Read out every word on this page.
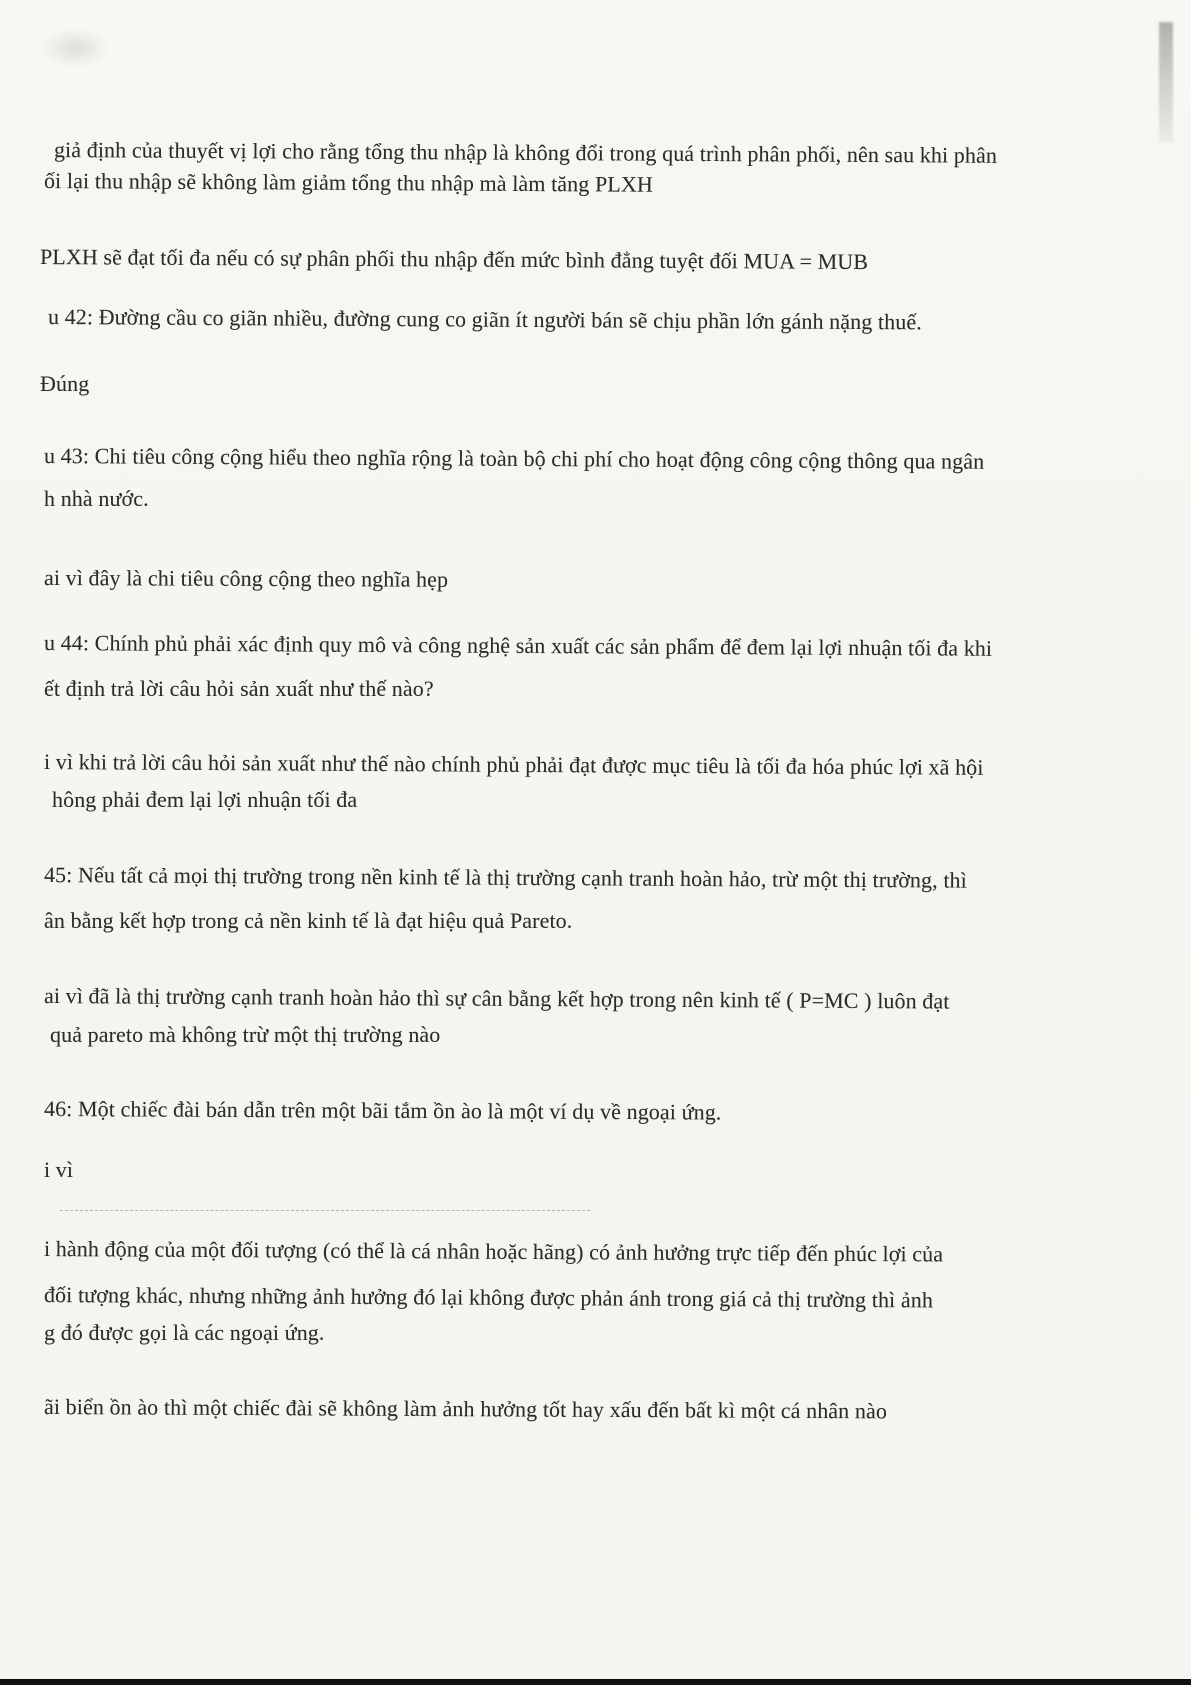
giả định của thuyết vị lợi cho rằng tổng thu nhập là không đổi trong quá trình phân phối, nên sau khi phân

ối lại thu nhập sẽ không làm giảm tổng thu nhập mà làm tăng PLXH

PLXH sẽ đạt tối đa nếu có sự phân phối thu nhập đến mức bình đẳng tuyệt đối MUA = MUB

u 42: Đường cầu co giãn nhiều, đường cung co giãn ít người bán sẽ chịu phần lớn gánh nặng thuế.

Đúng

u 43: Chi tiêu công cộng hiểu theo nghĩa rộng là toàn bộ chi phí cho hoạt động công cộng thông qua ngân

h nhà nước.

ai vì đây là chi tiêu công cộng theo nghĩa hẹp

u 44: Chính phủ phải xác định quy mô và công nghệ sản xuất các sản phẩm để đem lại lợi nhuận tối đa khi

ết định trả lời câu hỏi sản xuất như thế nào?

i vì khi trả lời câu hỏi sản xuất như thế nào chính phủ phải đạt được mục tiêu là tối đa hóa phúc lợi xã hội

hông phải đem lại lợi nhuận tối đa

45: Nếu tất cả mọi thị trường trong nền kinh tế là thị trường cạnh tranh hoàn hảo, trừ một thị trường, thì

ân bằng kết hợp trong cả nền kinh tế là đạt hiệu quả Pareto.

ai vì đã là thị trường cạnh tranh hoàn hảo thì sự cân bằng kết hợp trong nên kinh tế ( P=MC ) luôn đạt

quả pareto mà không trừ một thị trường nào

46: Một chiếc đài bán dẫn trên một bãi tắm ồn ào là một ví dụ về ngoại ứng.

i vì

i hành động của một đối tượng (có thể là cá nhân hoặc hãng) có ảnh hưởng trực tiếp đến phúc lợi của

đối tượng khác, nhưng những ảnh hưởng đó lại không được phản ánh trong giá cả thị trường thì ảnh

g đó được gọi là các ngoại ứng.

ãi biển ồn ào thì một chiếc đài sẽ không làm ảnh hưởng tốt hay xấu đến bất kì một cá nhân nào
